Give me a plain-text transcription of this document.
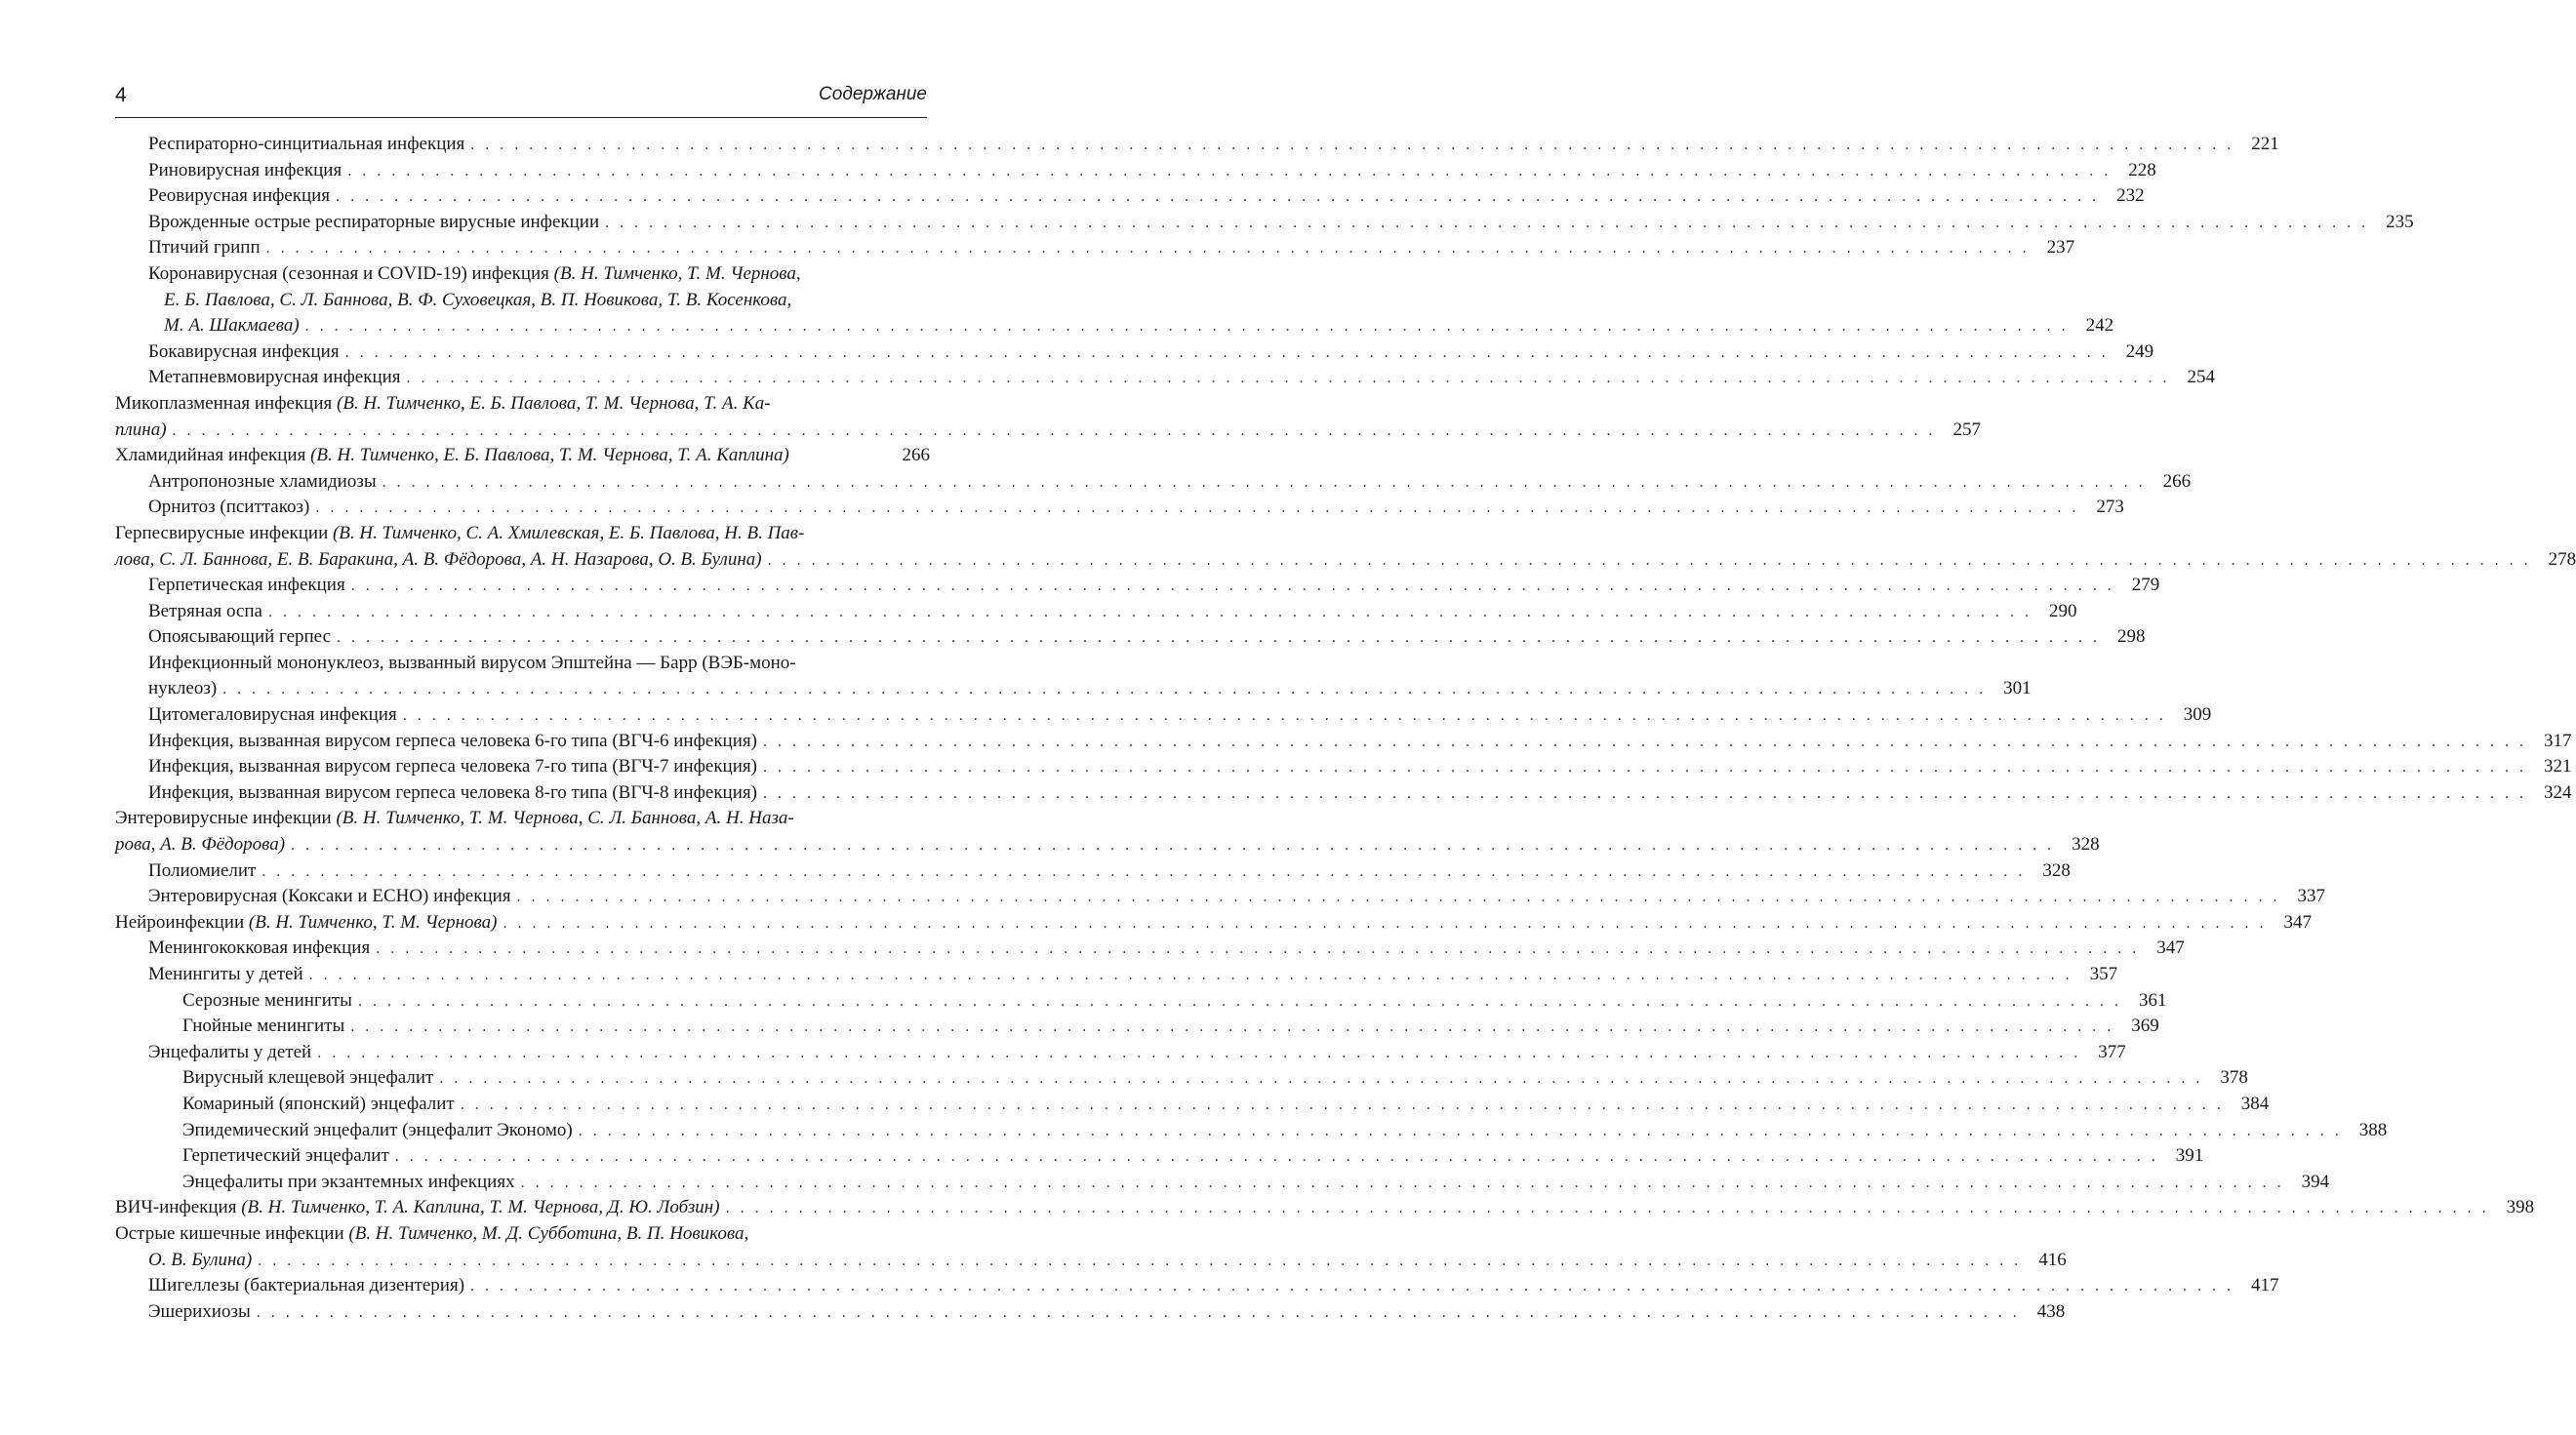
4	Содержание
Респираторно-синцитиальная инфекция . . .	221
Риновирусная инфекция . . .	228
Реовирусная инфекция . . .	232
Врожденные острые респираторные вирусные инфекции . . .	235
Птичий грипп . . .	237
Коронавирусная (сезонная и COVID-19) инфекция (В. Н. Тимченко, Т. М. Чернова,
Е. Б. Павлова, С. Л. Баннова, В. Ф. Суховецкая, В. П. Новикова, Т. В. Косенкова,
М. А. Шакмаева) . . .	242
Бокавирусная инфекция . . .	249
Метапневмовирусная инфекция . . .	254
Микоплазменная инфекция (В. Н. Тимченко, Е. Б. Павлова, Т. М. Чернова, Т. А. Ка-
плина) . . .	257
Хламидийная инфекция (В. Н. Тимченко, Е. Б. Павлова, Т. М. Чернова, Т. А. Каплина)	266
Антропонозные хламидиозы . . .	266
Орнитоз (пситтакоз) . . .	273
Герпесвирусные инфекции (В. Н. Тимченко, С. А. Хмилевская, Е. Б. Павлова, Н. В. Пав-
лова, С. Л. Баннова, Е. В. Баракина, А. В. Фёдорова, А. Н. Назарова, О. В. Булина) . . .	278
Герпетическая инфекция . . .	279
Ветряная оспа . . .	290
Опоясывающий герпес . . .	298
Инфекционный мононуклеоз, вызванный вирусом Эпштейна — Барр (ВЭБ-моно-
нуклеоз) . . .	301
Цитомегаловирусная инфекция . . .	309
Инфекция, вызванная вирусом герпеса человека 6-го типа (ВГЧ-6 инфекция) . . .	317
Инфекция, вызванная вирусом герпеса человека 7-го типа (ВГЧ-7 инфекция) . . .	321
Инфекция, вызванная вирусом герпеса человека 8-го типа (ВГЧ-8 инфекция) . . .	324
Энтеровирусные инфекции (В. Н. Тимченко, Т. М. Чернова, С. Л. Баннова, А. Н. Наза-
рова, А. В. Фёдорова) . . .	328
Полиомиелит . . .	328
Энтеровирусная (Коксаки и ЕСНО) инфекция . . .	337
Нейроинфекции (В. Н. Тимченко, Т. М. Чернова) . . .	347
Менингококковая инфекция . . .	347
Менингиты у детей . . .	357
Серозные менингиты . . .	361
Гнойные менингиты . . .	369
Энцефалиты у детей . . .	377
Вирусный клещевой энцефалит . . .	378
Комариный (японский) энцефалит . . .	384
Эпидемический энцефалит (энцефалит Экономо) . . .	388
Герпетический энцефалит . . .	391
Энцефалиты при экзантемных инфекциях . . .	394
ВИЧ-инфекция (В. Н. Тимченко, Т. А. Каплина, Т. М. Чернова, Д. Ю. Лобзин) . . .	398
Острые кишечные инфекции (В. Н. Тимченко, М. Д. Субботина, В. П. Новикова,
О. В. Булина) . . .	416
Шигеллезы (бактериальная дизентерия) . . .	417
Эшерихиозы . . .	438
